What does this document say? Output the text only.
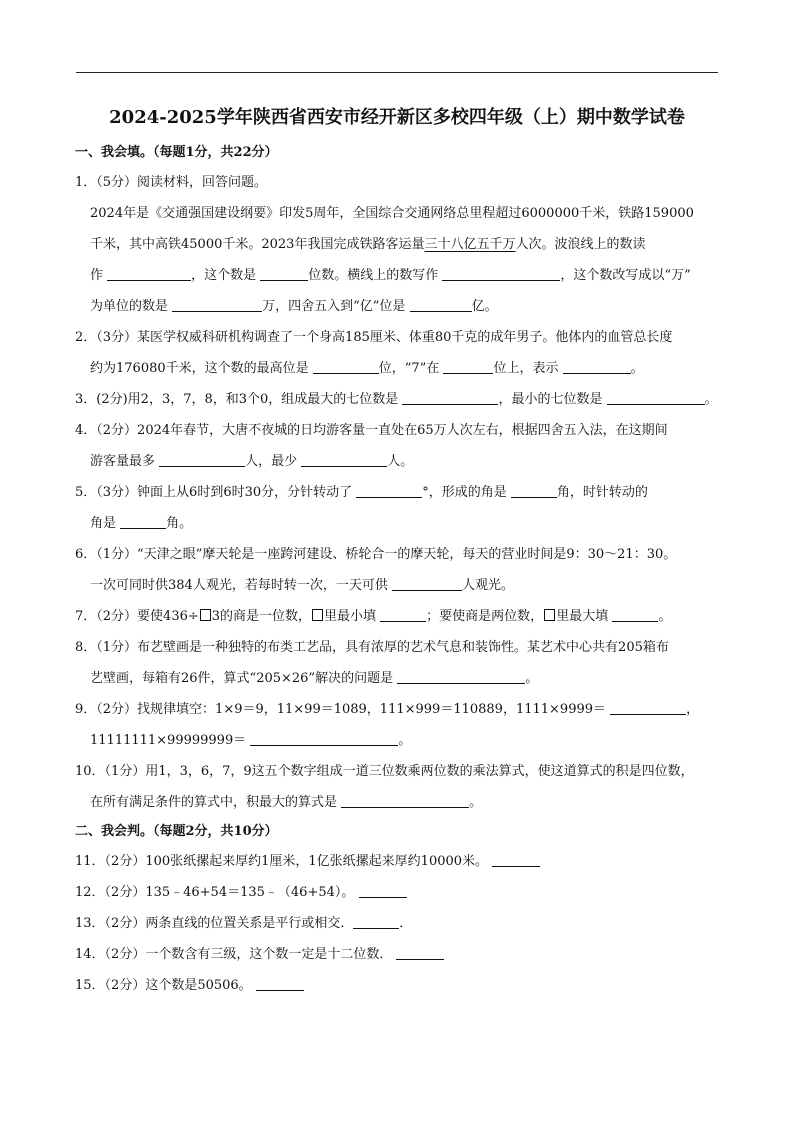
2024-2025学年陕西省西安市经开新区多校四年级（上）期中数学试卷
一、我会填。（每题1分，共22分）
1．（5分）阅读材料，回答问题。
2024年是《交通强国建设纲要》印发5周年，全国综合交通网络总里程超过6000000千米，铁路159000
千米，其中高铁45000千米。2023年我国完成铁路客运量三十八亿五千万人次。波浪线上的数读
作	，这个数是	位数。横线上的数写作	，这个数改写成以“万”
为单位的数是	万，四舍五入到“亿”位是	亿。
2．（3分）某医学权威科研机构调查了一个身高185厘米、体重80千克的成年男子。他体内的血管总长度
约为176080千米，这个数的最高位是	位，“7”在	位上，表示	。
3．(2分)用2，3，7，8，和3个0，组成最大的七位数是	，最小的七位数是	。
4．（2分）2024年春节，大唐不夜城的日均游客量一直处在65万人次左右，根据四舍五入法，在这期间
游客量最多	人，最少	人。
5．（3分）钟面上从6时到6时30分，分针转动了	°，形成的角是	角，时针转动的
角是	角。
6．（1分）“天津之眼”摩天轮是一座跨河建设、桥轮合一的摩天轮，每天的营业时间是9：30～21：30。
一次可同时供384人观光，若每时转一次，一天可供	人观光。
7．（2分）要使436÷ 3的商是一位数， 里最小填	；要使商是两位数， 里最大填	。
8．（1分）布艺壁画是一种独特的布类工艺品，具有浓厚的艺术气息和装饰性。某艺术中心共有205箱布
艺壁画，每箱有26件，算式“205×26”解决的问题是	。
9．（2分）找规律填空：1×9＝9，11×99＝1089，111×999＝110889，1111×9999＝	，
11111111×99999999＝	。
10．（1分）用1，3，6，7，9这五个数字组成一道三位数乘两位数的乘法算式，使这道算式的积是四位数，
在所有满足条件的算式中，积最大的算式是	。
二、我会判。（每题2分，共10分）
11．（2分）100张纸摞起来厚约1厘米，1亿张纸摞起来厚约10000米。
12．（2分）135﹣46+54＝135﹣（46+54）。
13．（2分）两条直线的位置关系是平行或相交．	．
14．（2分）一个数含有三级，这个数一定是十二位数．
15．（2分）这个数是50506。
